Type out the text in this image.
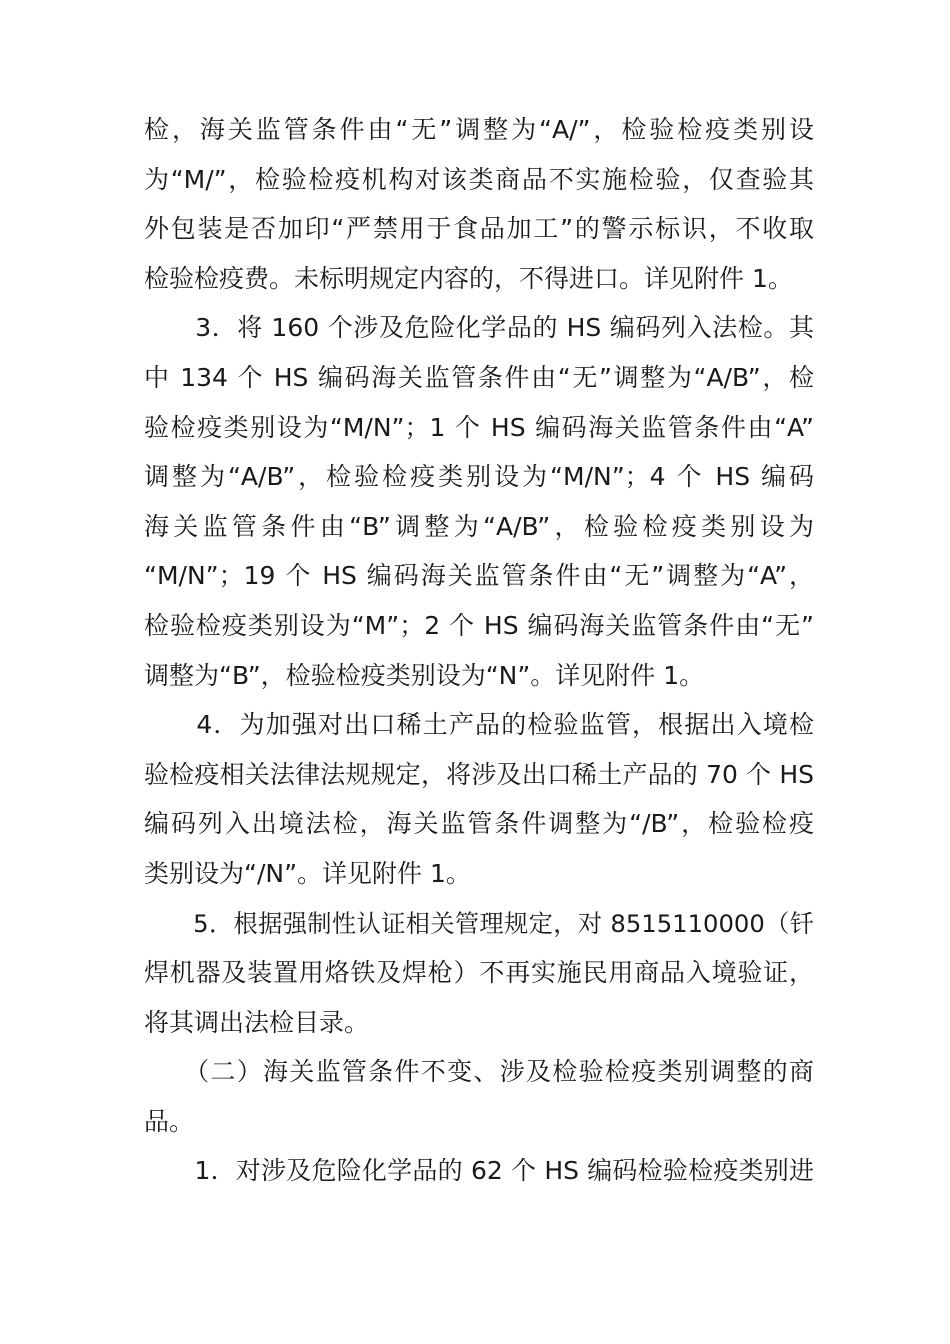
检，海关监管条件由“无”调整为“A/”，检验检疫类别设
为“M/”，检验检疫机构对该类商品不实施检验，仅查验其
外包装是否加印“严禁用于食品加工”的警示标识，不收取
检验检疫费。未标明规定内容的，不得进口。详见附件 1。
　　3．将 160 个涉及危险化学品的 HS 编码列入法检。其
中 134 个 HS 编码海关监管条件由“无”调整为“A/B”，检
验检疫类别设为“M/N”；1 个 HS 编码海关监管条件由“A”
调整为“A/B”，检验检疫类别设为“M/N”；4 个 HS 编码
海关监管条件由“B”调整为“A/B”，检验检疫类别设为
“M/N”；19 个 HS 编码海关监管条件由“无”调整为“A”，
检验检疫类别设为“M”；2 个 HS 编码海关监管条件由“无”
调整为“B”，检验检疫类别设为“N”。详见附件 1。
　　4．为加强对出口稀土产品的检验监管，根据出入境检
验检疫相关法律法规规定，将涉及出口稀土产品的 70 个 HS
编码列入出境法检，海关监管条件调整为“/B”，检验检疫
类别设为“/N”。详见附件 1。
　　5．根据强制性认证相关管理规定，对 8515110000（钎
焊机器及装置用烙铁及焊枪）不再实施民用商品入境验证，
将其调出法检目录。
　　（二）海关监管条件不变、涉及检验检疫类别调整的商
品。
　　1．对涉及危险化学品的 62 个 HS 编码检验检疫类别进
